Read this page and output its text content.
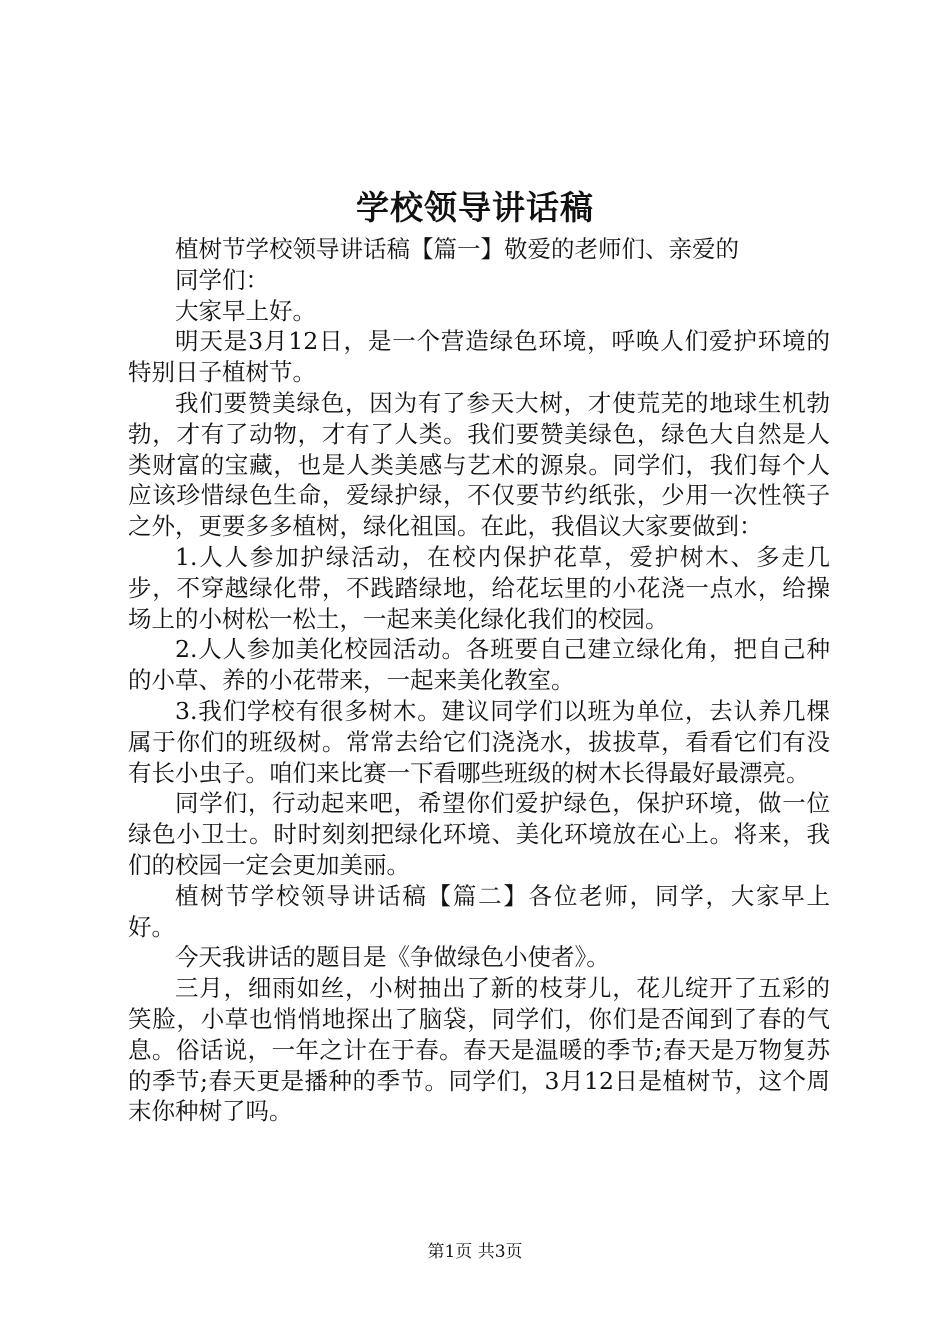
学校领导讲话稿

植树节学校领导讲话稿【篇一】敬爱的老师们、亲爱的
同学们：

大家早上好。

明天是3月12日，是一个营造绿色环境，呼唤人们爱护环境的特别日子植树节。

我们要赞美绿色，因为有了参天大树，才使荒芜的地球生机勃勃，才有了动物，才有了人类。我们要赞美绿色，绿色大自然是人类财富的宝藏，也是人类美感与艺术的源泉。同学们，我们每个人应该珍惜绿色生命，爱绿护绿，不仅要节约纸张，少用一次性筷子之外，更要多多植树，绿化祖国。在此，我倡议大家要做到：

1.人人参加护绿活动，在校内保护花草，爱护树木、多走几步，不穿越绿化带，不践踏绿地，给花坛里的小花浇一点水，给操场上的小树松一松土，一起来美化绿化我们的校园。

2.人人参加美化校园活动。各班要自己建立绿化角，把自己种的小草、养的小花带来，一起来美化教室。

3.我们学校有很多树木。建议同学们以班为单位，去认养几棵属于你们的班级树。常常去给它们浇浇水，拔拔草，看看它们有没有长小虫子。咱们来比赛一下看哪些班级的树木长得最好最漂亮。

同学们，行动起来吧，希望你们爱护绿色，保护环境，做一位绿色小卫士。时时刻刻把绿化环境、美化环境放在心上。将来，我们的校园一定会更加美丽。

植树节学校领导讲话稿【篇二】各位老师，同学，大家早上好。

今天我讲话的题目是《争做绿色小使者》。

三月，细雨如丝，小树抽出了新的枝芽儿，花儿绽开了五彩的笑脸，小草也悄悄地探出了脑袋，同学们，你们是否闻到了春的气息。俗话说，一年之计在于春。春天是温暖的季节;春天是万物复苏的季节;春天更是播种的季节。同学们，3月12日是植树节，这个周末你种树了吗。

第1页 共3页
